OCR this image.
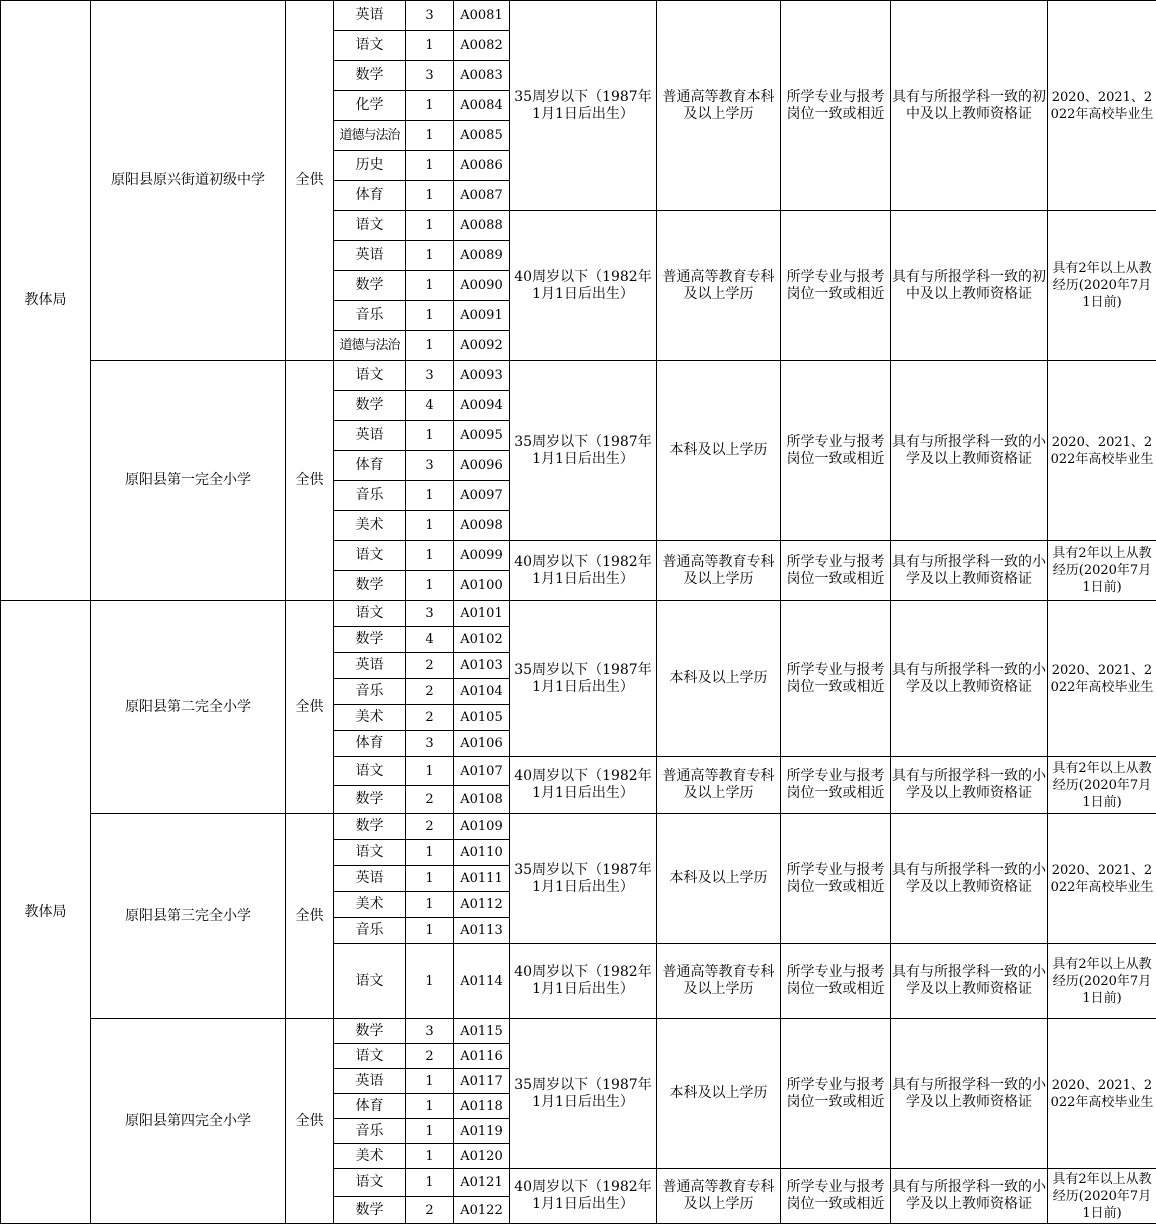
教体局	原阳县原兴街道初级中学	全供	英语	3	A0081	35周岁以下（1987年1月1日后出生）	普通高等教育本科及以上学历	所学专业与报考岗位一致或相近	具有与所报学科一致的初中及以上教师资格证	2020、2021、2022年高校毕业生
			语文	1	A0082					
			数学	3	A0083					
			化学	1	A0084					
			道德与法治	1	A0085					
			历史	1	A0086					
			体育	1	A0087					
			语文	1	A0088	40周岁以下（1982年1月1日后出生）	普通高等教育专科及以上学历	所学专业与报考岗位一致或相近	具有与所报学科一致的初中及以上教师资格证	具有2年以上从教经历(2020年7月1日前)
			英语	1	A0089					
			数学	1	A0090					
			音乐	1	A0091					
			道德与法治	1	A0092					
	原阳县第一完全小学	全供	语文	3	A0093	35周岁以下（1987年1月1日后出生）	本科及以上学历	所学专业与报考岗位一致或相近	具有与所报学科一致的小学及以上教师资格证	2020、2021、2022年高校毕业生
			数学	4	A0094					
			英语	1	A0095					
			体育	3	A0096					
			音乐	1	A0097					
			美术	1	A0098					
			语文	1	A0099	40周岁以下（1982年1月1日后出生）	普通高等教育专科及以上学历	所学专业与报考岗位一致或相近	具有与所报学科一致的小学及以上教师资格证	具有2年以上从教经历(2020年7月1日前)
			数学	1	A0100					
教体局	原阳县第二完全小学	全供	语文	3	A0101	35周岁以下（1987年1月1日后出生）	本科及以上学历	所学专业与报考岗位一致或相近	具有与所报学科一致的小学及以上教师资格证	2020、2021、2022年高校毕业生
			数学	4	A0102					
			英语	2	A0103					
			音乐	2	A0104					
			美术	2	A0105					
			体育	3	A0106					
			语文	1	A0107	40周岁以下（1982年1月1日后出生）	普通高等教育专科及以上学历	所学专业与报考岗位一致或相近	具有与所报学科一致的小学及以上教师资格证	具有2年以上从教经历(2020年7月1日前)
			数学	2	A0108					
	原阳县第三完全小学	全供	数学	2	A0109	35周岁以下（1987年1月1日后出生）	本科及以上学历	所学专业与报考岗位一致或相近	具有与所报学科一致的小学及以上教师资格证	2020、2021、2022年高校毕业生
			语文	1	A0110					
			英语	1	A0111					
			美术	1	A0112					
			音乐	1	A0113					
			语文	1	A0114	40周岁以下（1982年1月1日后出生）	普通高等教育专科及以上学历	所学专业与报考岗位一致或相近	具有与所报学科一致的小学及以上教师资格证	具有2年以上从教经历(2020年7月1日前)
	原阳县第四完全小学	全供	数学	3	A0115	35周岁以下（1987年1月1日后出生）	本科及以上学历	所学专业与报考岗位一致或相近	具有与所报学科一致的小学及以上教师资格证	2020、2021、2022年高校毕业生
			语文	2	A0116					
			英语	1	A0117					
			体育	1	A0118					
			音乐	1	A0119					
			美术	1	A0120					
			语文	1	A0121	40周岁以下（1982年1月1日后出生）	普通高等教育专科及以上学历	所学专业与报考岗位一致或相近	具有与所报学科一致的小学及以上教师资格证	具有2年以上从教经历(2020年7月1日前)
			数学	2	A0122					
